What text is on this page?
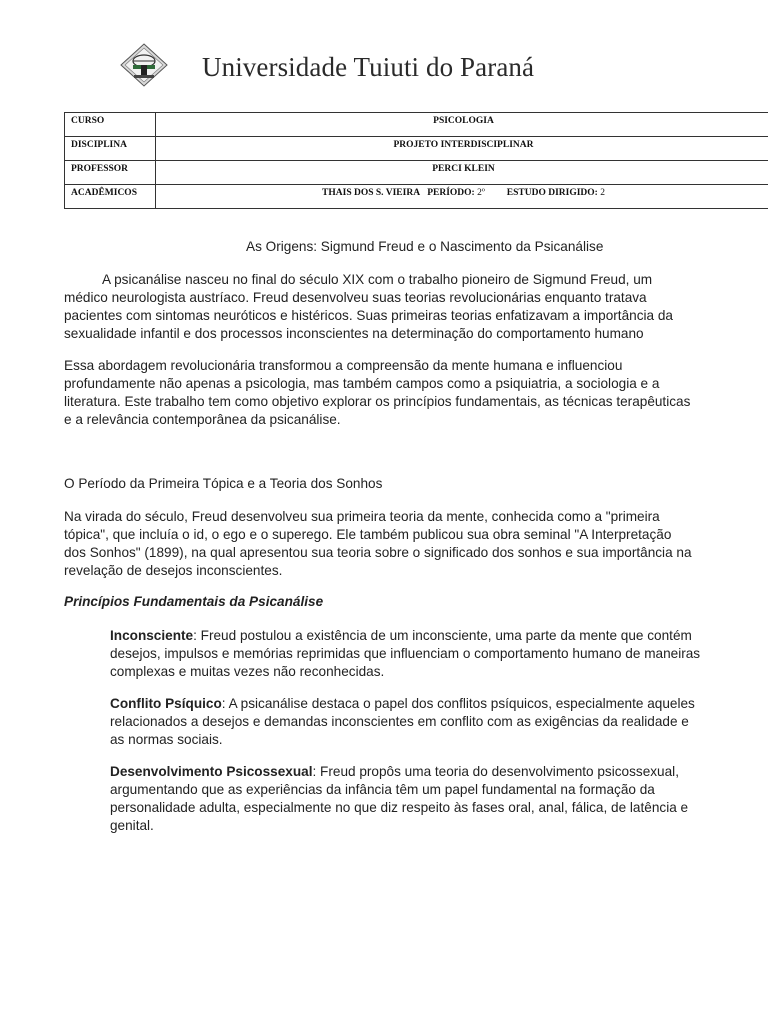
Universidade Tuiuti do Paraná
CURSO	PSICOLOGIA
DISCIPLINA	PROJETO INTERDISCIPLINAR
PROFESSOR	PERCI KLEIN
ACADÊMICOS	THAIS DOS S. VIEIRA PERÍODO: 2º ESTUDO DIRIGIDO: 2
As Origens: Sigmund Freud e o Nascimento da Psicanálise
A psicanálise nasceu no final do século XIX com o trabalho pioneiro de Sigmund Freud, um médico neurologista austríaco. Freud desenvolveu suas teorias revolucionárias enquanto tratava pacientes com sintomas neuróticos e histéricos. Suas primeiras teorias enfatizavam a importância da sexualidade infantil e dos processos inconscientes na determinação do comportamento humano
Essa abordagem revolucionária transformou a compreensão da mente humana e influenciou profundamente não apenas a psicologia, mas também campos como a psiquiatria, a sociologia e a literatura. Este trabalho tem como objetivo explorar os princípios fundamentais, as técnicas terapêuticas e a relevância contemporânea da psicanálise.
O Período da Primeira Tópica e a Teoria dos Sonhos
Na virada do século, Freud desenvolveu sua primeira teoria da mente, conhecida como a "primeira tópica", que incluía o id, o ego e o superego. Ele também publicou sua obra seminal "A Interpretação dos Sonhos" (1899), na qual apresentou sua teoria sobre o significado dos sonhos e sua importância na revelação de desejos inconscientes.
Princípios Fundamentais da Psicanálise
Inconsciente: Freud postulou a existência de um inconsciente, uma parte da mente que contém desejos, impulsos e memórias reprimidas que influenciam o comportamento humano de maneiras complexas e muitas vezes não reconhecidas.
Conflito Psíquico: A psicanálise destaca o papel dos conflitos psíquicos, especialmente aqueles relacionados a desejos e demandas inconscientes em conflito com as exigências da realidade e as normas sociais.
Desenvolvimento Psicossexual: Freud propôs uma teoria do desenvolvimento psicossexual, argumentando que as experiências da infância têm um papel fundamental na formação da personalidade adulta, especialmente no que diz respeito às fases oral, anal, fálica, de latência e genital.
